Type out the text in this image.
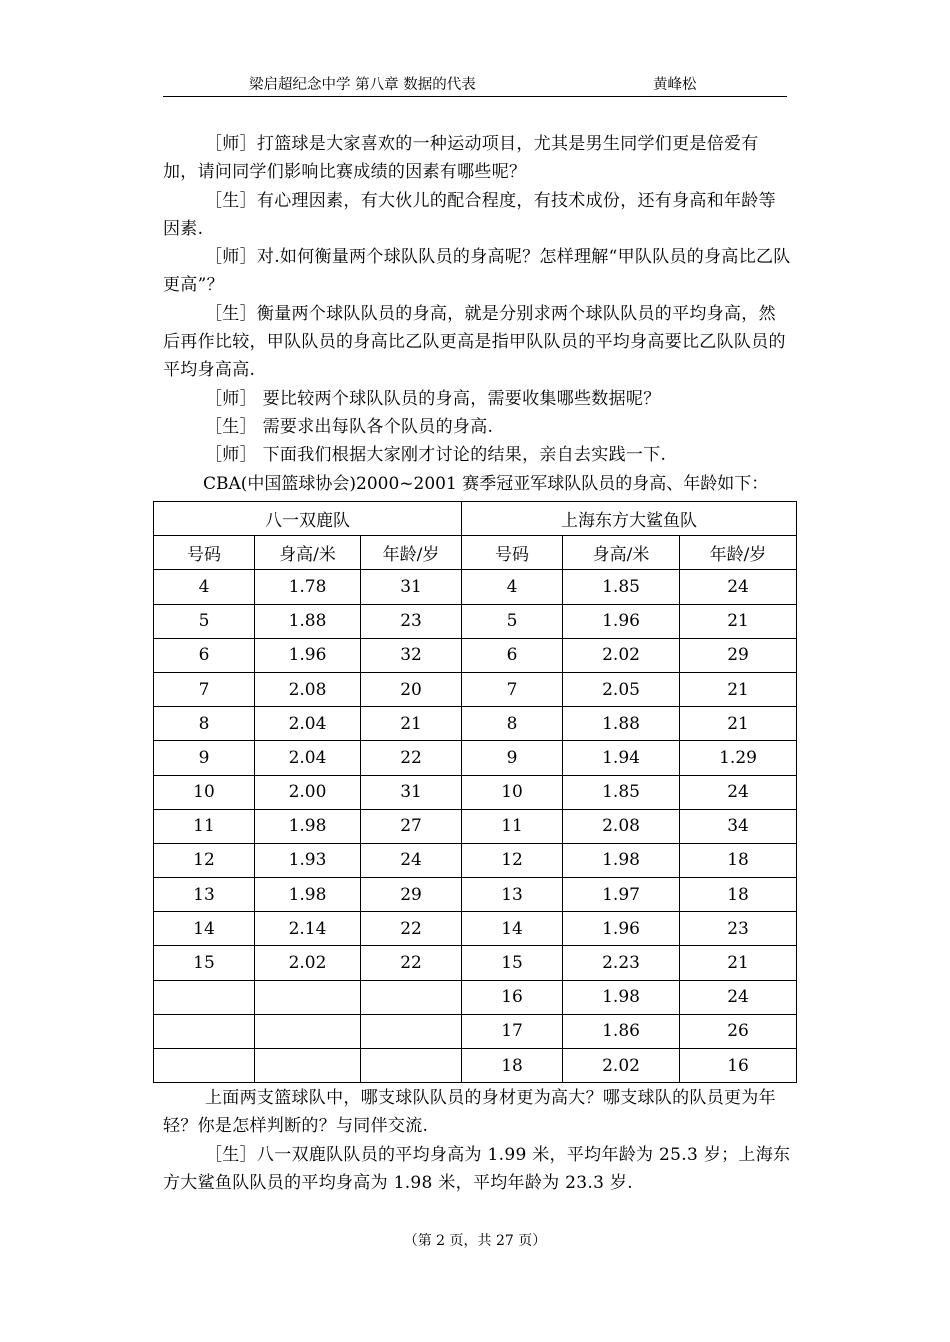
梁启超纪念中学 第八章 数据的代表	黄峰松

［师］打篮球是大家喜欢的一种运动项目，尤其是男生同学们更是倍爱有加，请问同学们影响比赛成绩的因素有哪些呢？

［生］有心理因素，有大伙儿的配合程度，有技术成份，还有身高和年龄等因素.

［师］对.如何衡量两个球队队员的身高呢？怎样理解“甲队队员的身高比乙队更高”？

［生］衡量两个球队队员的身高，就是分别求两个球队队员的平均身高，然后再作比较，甲队队员的身高比乙队更高是指甲队队员的平均身高要比乙队队员的平均身高高.

［师］ 要比较两个球队队员的身高，需要收集哪些数据呢？

［生］ 需要求出每队各个队员的身高.

［师］ 下面我们根据大家刚才讨论的结果，亲自去实践一下.

CBA(中国篮球协会)2000~2001 赛季冠亚军球队队员的身高、年龄如下：

八一双鹿队			上海东方大鲨鱼队		
号码	身高/米	年龄/岁	号码	身高/米	年龄/岁
4	1.78	31	4	1.85	24
5	1.88	23	5	1.96	21
6	1.96	32	6	2.02	29
7	2.08	20	7	2.05	21
8	2.04	21	8	1.88	21
9	2.04	22	9	1.94	1.29
10	2.00	31	10	1.85	24
11	1.98	27	11	2.08	34
12	1.93	24	12	1.98	18
13	1.98	29	13	1.97	18
14	2.14	22	14	1.96	23
15	2.02	22	15	2.23	21
			16	1.98	24
			17	1.86	26
			18	2.02	16

上面两支篮球队中，哪支球队队员的身材更为高大？哪支球队的队员更为年轻？你是怎样判断的？与同伴交流.

［生］八一双鹿队队员的平均身高为 1.99 米，平均年龄为 25.3 岁；上海东方大鲨鱼队队员的平均身高为 1.98 米，平均年龄为 23.3 岁.

（第 2 页，共 27 页）
